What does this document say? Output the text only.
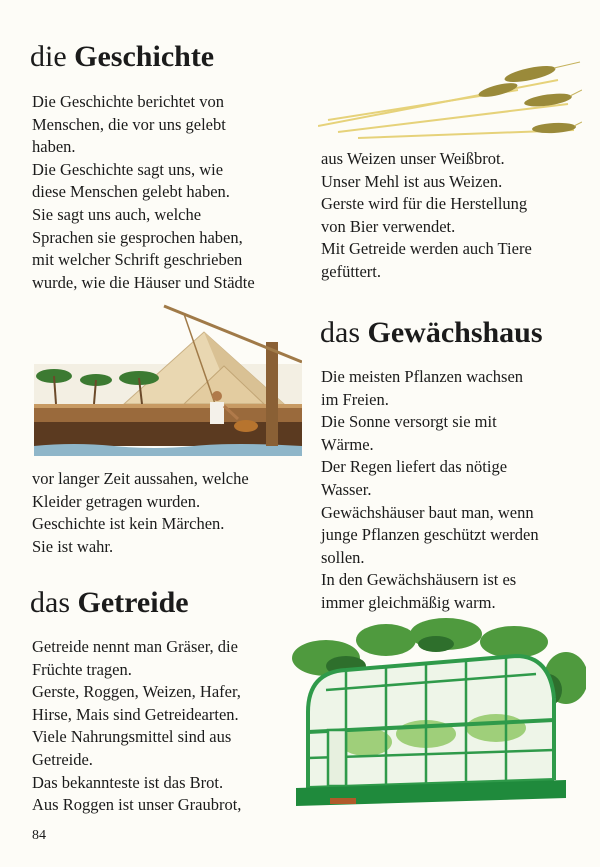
die Geschichte
Die Geschichte berichtet von
Menschen, die vor uns gelebt
haben.
Die Geschichte sagt uns, wie
diese Menschen gelebt haben.
Sie sagt uns auch, welche
Sprachen sie gesprochen haben,
mit welcher Schrift geschrieben
wurde, wie die Häuser und Städte
vor langer Zeit aussahen, welche
Kleider getragen wurden.
Geschichte ist kein Märchen.
Sie ist wahr.
das Getreide
Getreide nennt man Gräser, die
Früchte tragen.
Gerste, Roggen, Weizen, Hafer,
Hirse, Mais sind Getreidearten.
Viele Nahrungsmittel sind aus
Getreide.
Das bekannteste ist das Brot.
Aus Roggen ist unser Graubrot,
aus Weizen unser Weißbrot.
Unser Mehl ist aus Weizen.
Gerste wird für die Herstellung
von Bier verwendet.
Mit Getreide werden auch Tiere
gefüttert.
das Gewächshaus
Die meisten Pflanzen wachsen
im Freien.
Die Sonne versorgt sie mit
Wärme.
Der Regen liefert das nötige
Wasser.
Gewächshäuser baut man, wenn
junge Pflanzen geschützt werden
sollen.
In den Gewächshäusern ist es
immer gleichmäßig warm.
84
